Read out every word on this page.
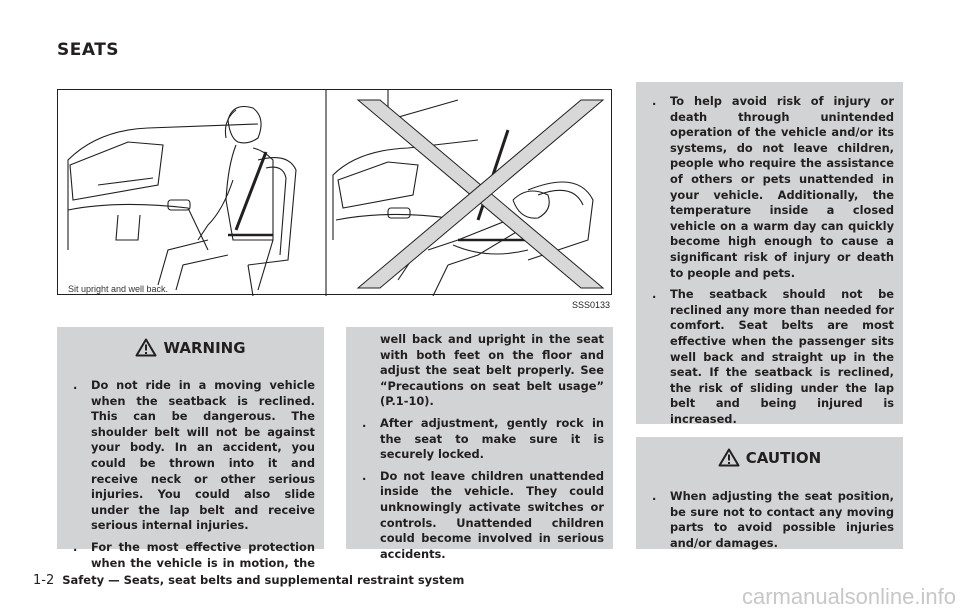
SEATS
Sit upright and well back.
SSS0133
WARNING
. Do not ride in a moving vehicle when the seatback is reclined. This can be dangerous. The shoulder belt will not be against your body. In an accident, you could be thrown into it and receive neck or other serious injuries. You could also slide under the lap belt and receive serious internal injuries.
. For the most effective protection when the vehicle is in motion, the
well back and upright in the seat with both feet on the floor and adjust the seat belt properly. See “Precautions on seat belt usage” (P.1-10).
. After adjustment, gently rock in the seat to make sure it is securely locked.
. Do not leave children unattended inside the vehicle. They could unknowingly activate switches or controls. Unattended children could become involved in serious accidents.
. To help avoid risk of injury or death through unintended operation of the vehicle and/or its systems, do not leave children, people who require the assistance of others or pets unattended in your vehicle. Additionally, the temperature inside a closed vehicle on a warm day can quickly become high enough to cause a significant risk of injury or death to people and pets.
. The seatback should not be reclined any more than needed for comfort. Seat belts are most effective when the passenger sits well back and straight up in the seat. If the seatback is reclined, the risk of sliding under the lap belt and being injured is increased.
CAUTION
. When adjusting the seat position, be sure not to contact any moving parts to avoid possible injuries and/or damages.
1-2 Safety — Seats, seat belts and supplemental restraint system
carmanualsonline.info
